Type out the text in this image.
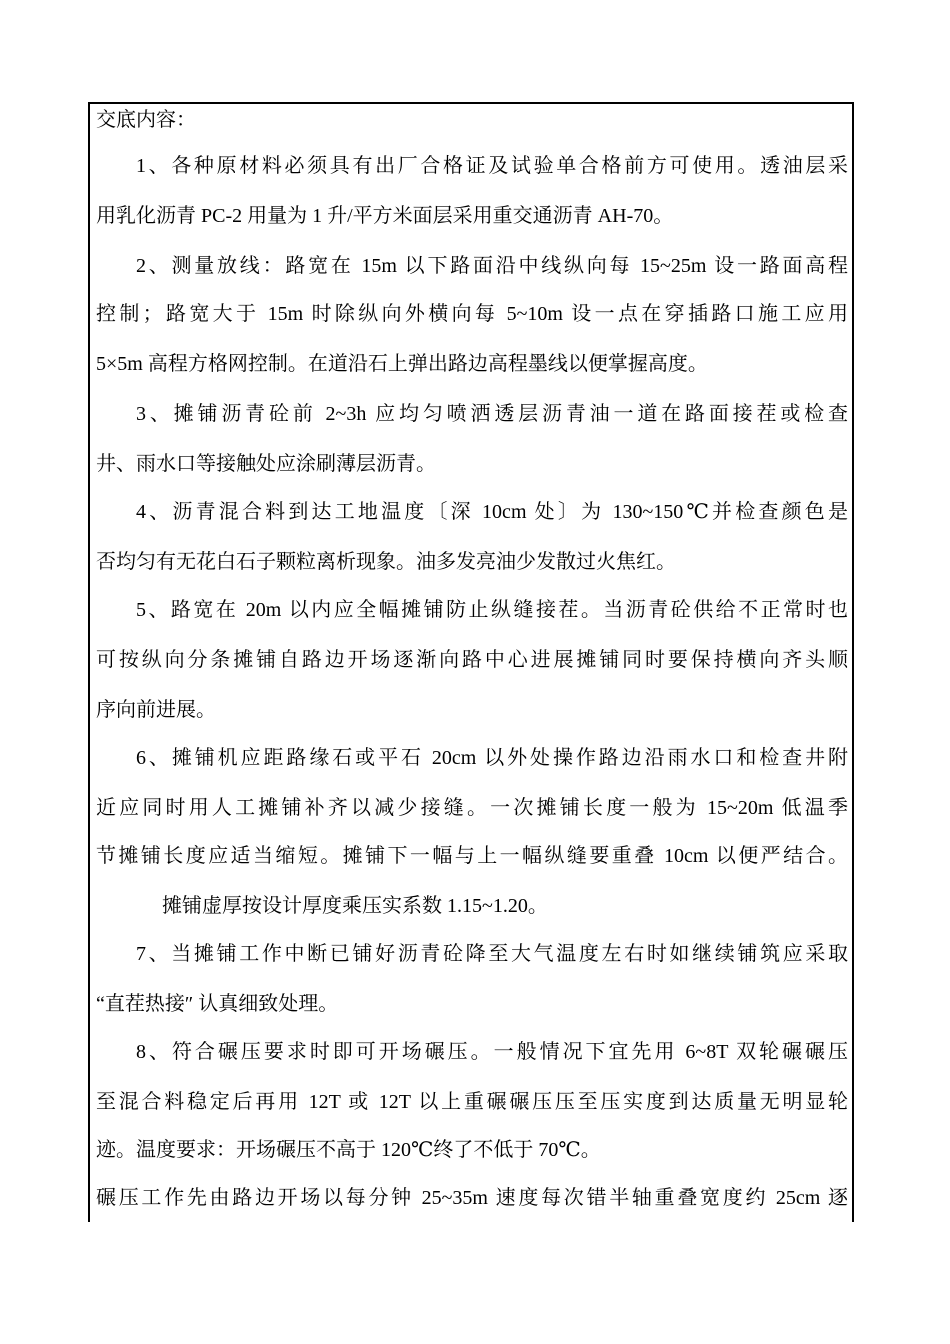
交底内容：
1、各种原材料必须具有出厂合格证及试验单合格前方可使用。透油层采
用乳化沥青 PC-2 用量为 1 升/平方米面层采用重交通沥青 AH-70。
2、测量放线：路宽在 15m 以下路面沿中线纵向每 15~25m 设一路面高程
控制；路宽大于 15m 时除纵向外横向每 5~10m 设一点在穿插路口施工应用
5×5m 高程方格网控制。在道沿石上弹出路边高程墨线以便掌握高度。
3、摊铺沥青砼前 2~3h 应均匀喷洒透层沥青油一道在路面接茬或检查
井、雨水口等接触处应涂刷薄层沥青。
4、沥青混合料到达工地温度〔深 10cm 处〕为 130~150℃并检查颜色是
否均匀有无花白石子颗粒离析现象。油多发亮油少发散过火焦红。
5、路宽在 20m 以内应全幅摊铺防止纵缝接茬。当沥青砼供给不正常时也
可按纵向分条摊铺自路边开场逐渐向路中心进展摊铺同时要保持横向齐头顺
序向前进展。
6、摊铺机应距路缘石或平石 20cm 以外处操作路边沿雨水口和检查井附
近应同时用人工摊铺补齐以减少接缝。一次摊铺长度一般为 15~20m 低温季
节摊铺长度应适当缩短。摊铺下一幅与上一幅纵缝要重叠 10cm 以便严结合。
摊铺虚厚按设计厚度乘压实系数 1.15~1.20。
7、当摊铺工作中断已铺好沥青砼降至大气温度左右时如继续铺筑应采取
“直茬热接″ 认真细致处理。
8、符合碾压要求时即可开场碾压。一般情况下宜先用 6~8T 双轮碾碾压
至混合料稳定后再用 12T 或 12T 以上重碾碾压压至压实度到达质量无明显轮
迹。温度要求：开场碾压不高于 120℃终了不低于 70℃。
碾压工作先由路边开场以每分钟 25~35m 速度每次错半轴重叠宽度约 25cm 逐
